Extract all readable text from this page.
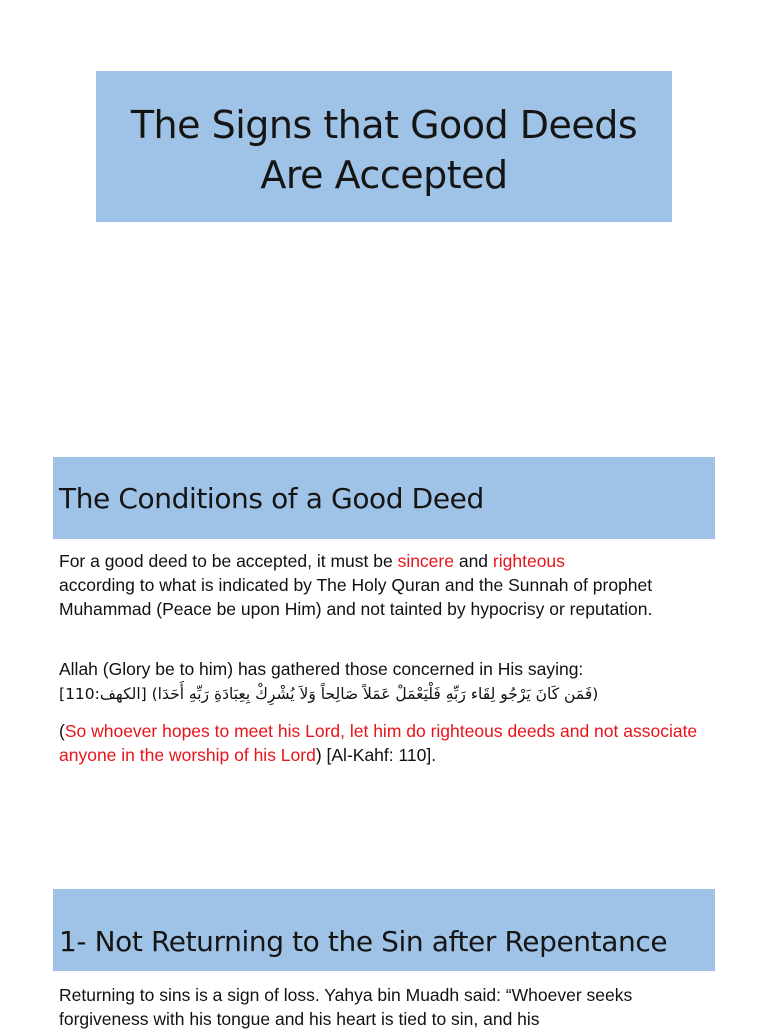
The Signs that Good Deeds
Are Accepted
The Conditions of a Good Deed
For a good deed to be accepted, it must be sincere and righteous
according to what is indicated by The Holy Quran and the Sunnah of prophet Muhammad (Peace be upon Him) and not tainted by hypocrisy or reputation.
Allah (Glory be to him) has gathered those concerned in His saying:
(فَمَن كَانَ يَرْجُو لِقَاء رَبِّهِ فَلْيَعْمَلْ عَمَلاً صَالِحاً وَلاَ يُشْرِكْ بِعِبَادَةِ رَبِّهِ أَحَدَا) [الكهف:110]
(So whoever hopes to meet his Lord, let him do righteous deeds and not associate anyone in the worship of his Lord) [Al-Kahf: 110].
1- Not Returning to the Sin after Repentance
Returning to sins is a sign of loss. Yahya bin Muadh said: “Whoever seeks forgiveness with his tongue and his heart is tied to sin, and his
